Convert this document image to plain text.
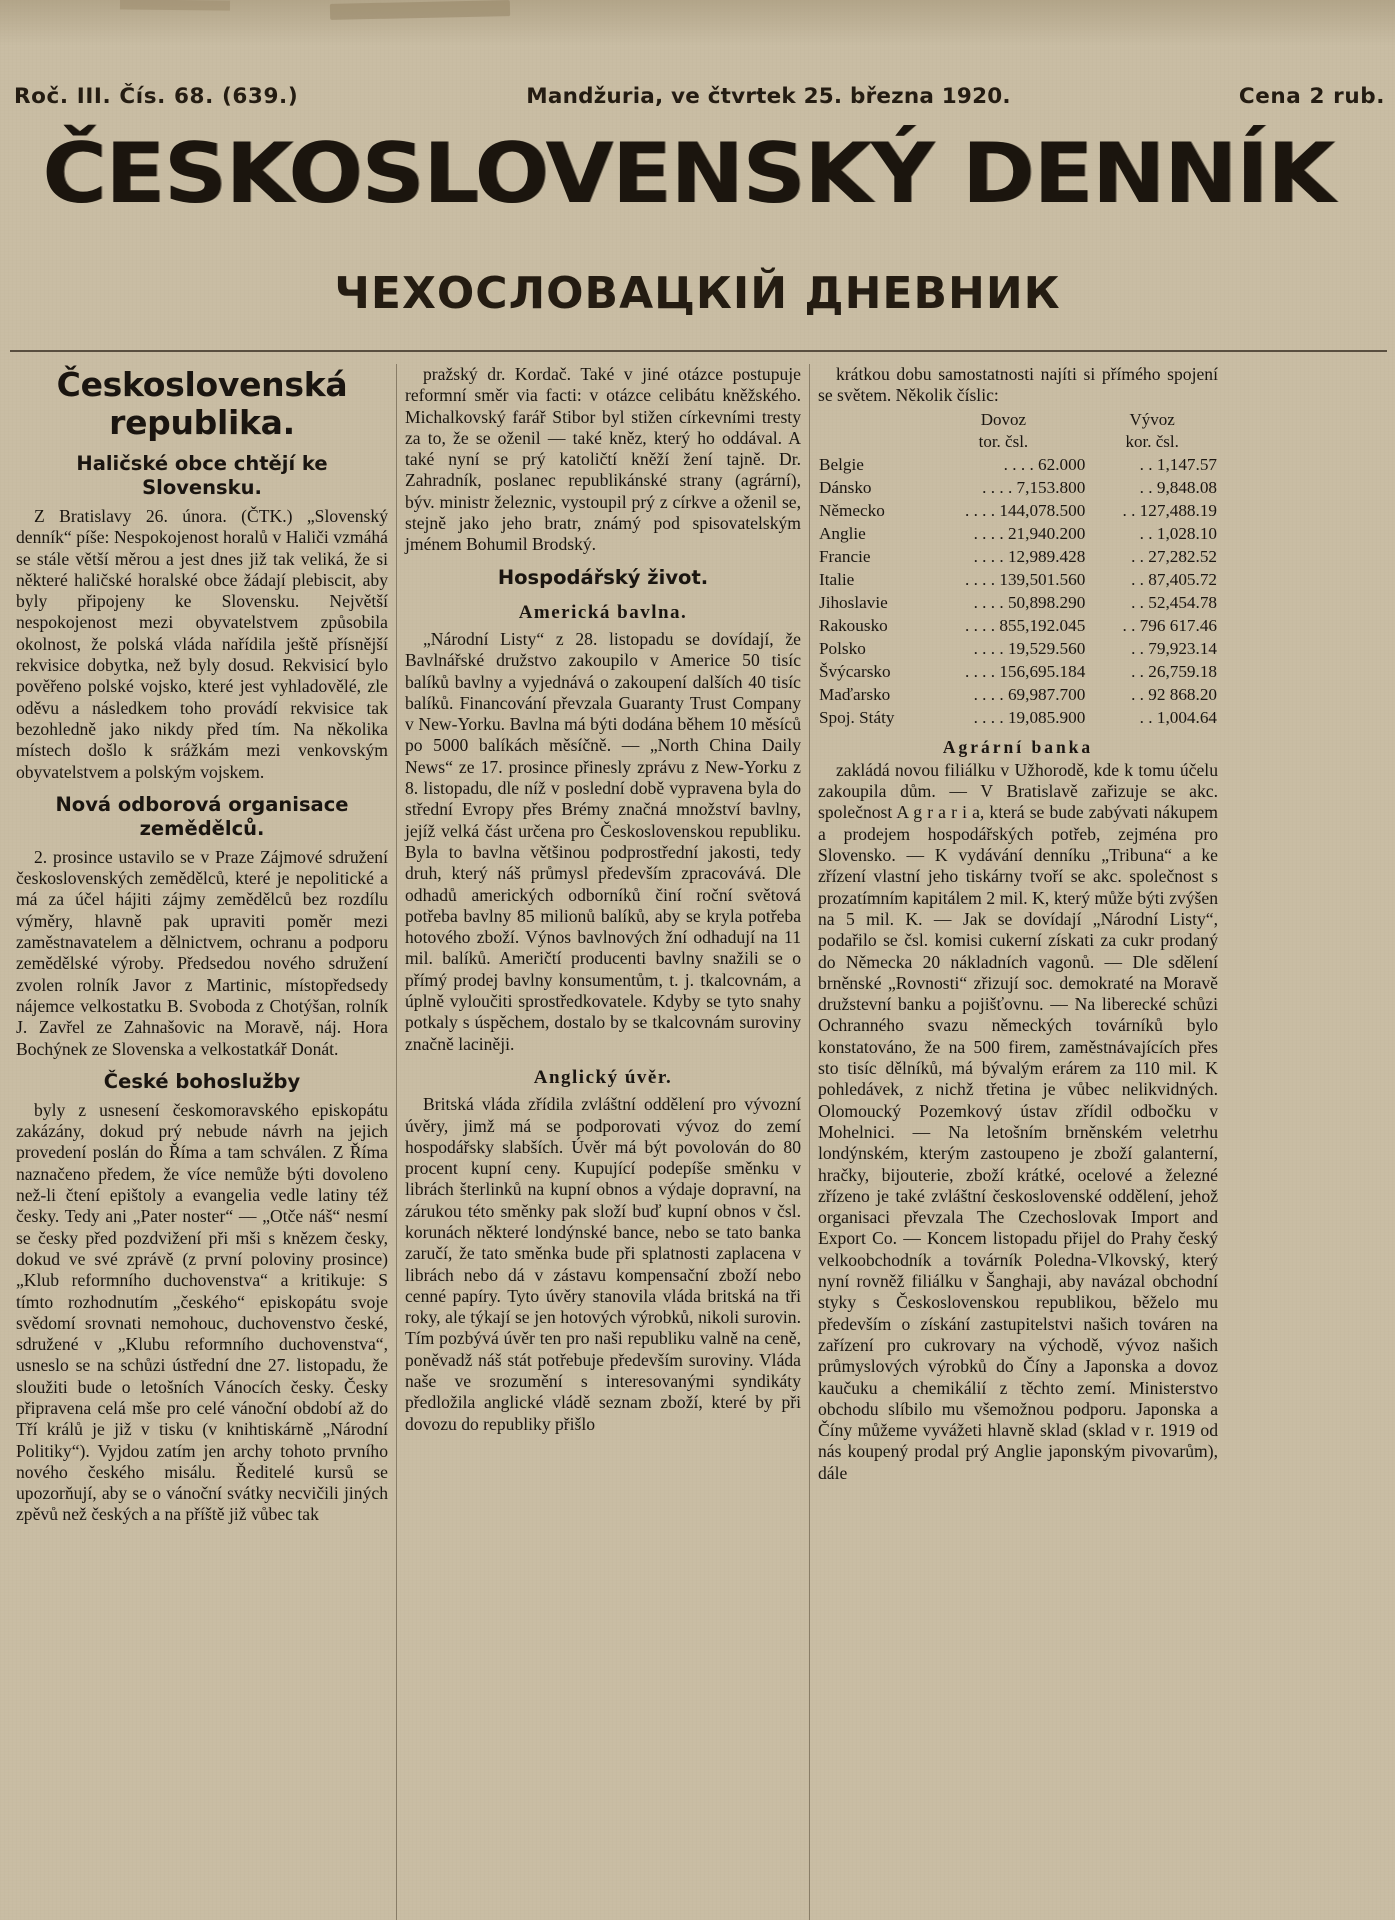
Roč. III. Čís. 68. (639.)	Mandžuria, ve čtvrtek 25. března 1920.	Cena 2 rub.
ČESKOSLOVENSKÝ DENNÍK
ЧЕХОСЛОВАЦКІЙ ДНЕВНИК
Československá republika.
Haličské obce chtějí ke Slovensku.

Z Bratislavy 26. února. (ČTK.) „Slovenský denník“ píše: Nespokojenost horalů v Haliči vzmáhá se stále větší měrou a jest dnes již tak veliká, že si některé haličské horalské obce žádají plebiscit, aby byly připojeny ke Slovensku. Největší nespokojenost mezi obyvatelstvem způsobila okolnost, že polská vláda nařídila ještě přísnější rekvisice dobytka, než byly dosud. Rekvisicí bylo pověřeno polské vojsko, které jest vyhladovělé, zle oděvu a následkem toho provádí rekvisice tak bezohledně jako nikdy před tím. Na několika místech došlo k srážkám mezi venkovským obyvatelstvem a polským vojskem.

Nová odborová organisace zemědělců.

2. prosince ustavilo se v Praze Zájmové sdružení československých zemědělců, které je nepolitické a má za účel hájiti zájmy zemědělců bez rozdílu výměry, hlavně pak upraviti poměr mezi zaměstnavatelem a dělnictvem, ochranu a podporu zemědělské výroby. Předsedou nového sdružení zvolen rolník Javor z Martinic, místopředsedy nájemce velkostatku B. Svoboda z Chotýšan, rolník J. Zavřel ze Zahnašovic na Moravě, náj. Hora Bochýnek ze Slovenska a velkostatkář Donát.

České bohoslužby

byly z usnesení českomoravského episkopátu zakázány, dokud prý nebude návrh na jejich provedení poslán do Říma a tam schválen. Z Říma naznačeno předem, že více nemůže býti dovoleno než-li čtení epištoly a evangelia vedle latiny též česky. Tedy ani „Pater noster“ — „Otče náš“ nesmí se česky před pozdvižení při mši s knězem česky, dokud ve své zprávě (z první poloviny prosince) „Klub reformního duchovenstva“ a kritikuje: S tímto rozhodnutím „českého“ episkopátu svoje svědomí srovnati nemohouc, duchovenstvo české, sdružené v „Klubu reformního duchovenstva“, usneslo se na schůzi ústřední dne 27. listopadu, že sloužiti bude o letošních Vánocích česky. Česky připravena celá mše pro celé vánoční období až do Tří králů je již v tisku (v knihtiskárně „Národní Politiky“). Vyjdou zatím jen archy tohoto prvního nového českého misálu. Ředitelé kursů se upozorňují, aby se o vánoční svátky necvičili jiných zpěvů než českých a na příště již vůbec tak

pražský dr. Kordač. Také v jiné otázce postupuje reformní směr via facti: v otázce celibátu kněžského. Michalkovský farář Stibor byl stižen církevními tresty za to, že se oženil — také kněz, který ho oddával. A také nyní se prý katoličtí kněží žení tajně. Dr. Zahradník, poslanec republikánské strany (agrární), býv. ministr železnic, vystoupil prý z církve a oženil se, stejně jako jeho bratr, známý pod spisovatelským jménem Bohumil Brodský.

Hospodářský život.
Americká bavlna.

„Národní Listy“ z 28. listopadu se dovídají, že Bavlnářské družstvo zakoupilo v Americe 50 tisíc balíků bavlny a vyjednává o zakoupení dalších 40 tisíc balíků. Financování převzala Guaranty Trust Company v New-Yorku. Bavlna má býti dodána během 10 měsíců po 5000 balíkách měsíčně. — „North China Daily News“ ze 17. prosince přinesly zprávu z New-Yorku z 8. listopadu, dle níž v poslední době vypravena byla do střední Evropy přes Brémy značná množství bavlny, jejíž velká část určena pro Československou republiku. Byla to bavlna většinou podprostřední jakosti, tedy druh, který náš průmysl především zpracovává. Dle odhadů amerických odborníků činí roční světová potřeba bavlny 85 milionů balíků, aby se kryla potřeba hotového zboží. Výnos bavlnových žní odhadují na 11 mil. balíků. Američtí producenti bavlny snažili se o přímý prodej bavlny konsumentům, t. j. tkalcovnám, a úplně vyloučiti sprostředkovatele. Kdyby se tyto snahy potkaly s úspěchem, dostalo by se tkalcovnám suroviny značně laciněji.

Anglický úvěr.

Britská vláda zřídila zvláštní oddělení pro vývozní úvěry, jimž má se podporovati vývoz do zemí hospodářsky slabších. Úvěr má být povolován do 80 procent kupní ceny. Kupující podepíše směnku v librách šterlinků na kupní obnos a výdaje dopravní, na zárukou této směnky pak složí buď kupní obnos v čsl. korunách některé londýnské bance, nebo se tato banka zaručí, že tato směnka bude při splatnosti zaplacena v librách nebo dá v zástavu kompensační zboží nebo cenné papíry. Tyto úvěry stanovila vláda britská na tři roky, ale týkají se jen hotových výrobků, nikoli surovin. Tím pozbývá úvěr ten pro naši republiku valně na ceně, poněvadž náš stát potřebuje především suroviny. Vláda naše ve srozumění s interesovanými syndikáty předložila anglické vládě seznam zboží, které by při dovozu do republiky přišlo

krátkou dobu samostatnosti najíti si přímého spojení se světem. Několik číslic:

	Dovoz	Vývoz
	tor. čsl.	kor. čsl.
Belgie	. . . . 62.000	. . 1,147.57
Dánsko	. . . . 7,153.800	. . 9,848.08
Německo	. . . . 144,078.500	. . 127,488.19
Anglie	. . . . 21,940.200	. . 1,028.10
Francie	. . . . 12,989.428	. . 27,282.52
Italie	. . . . 139,501.560	. . 87,405.72
Jihoslavie	. . . . 50,898.290	. . 52,454.78
Rakousko	. . . . 855,192.045	. . 796 617.46
Polsko	. . . . 19,529.560	. . 79,923.14
Švýcarsko	. . . . 156,695.184	. . 26,759.18
Maďarsko	. . . . 69,987.700	. . 92 868.20
Spoj. Státy	. . . . 19,085.900	. . 1,004.64
Agrární banka

zakládá novou filiálku v Užhorodě, kde k tomu účelu zakoupila dům. — V Bratislavě zařizuje se akc. společnost A g r a r i a, která se bude zabývati nákupem a prodejem hospodářských potřeb, zejména pro Slovensko. — K vydávání denníku „Tribuna“ a ke zřízení vlastní jeho tiskárny tvoří se akc. společnost s prozatímním kapitálem 2 mil. K, který může býti zvýšen na 5 mil. K. — Jak se dovídají „Národní Listy“, podařilo se čsl. komisi cukerní získati za cukr prodaný do Německa 20 nákladních vagonů. — Dle sdělení brněnské „Rovnosti“ zřizují soc. demokraté na Moravě družstevní banku a pojišťovnu. — Na liberecké schůzi Ochranného svazu německých továrníků bylo konstatováno, že na 500 firem, zaměstnávajících přes sto tisíc dělníků, má bývalým erárem za 110 mil. K pohledávek, z nichž třetina je vůbec nelikvidných. Olomoucký Pozemkový ústav zřídil odbočku v Mohelnici. — Na letošním brněnském veletrhu londýnském, kterým zastoupeno je zboží galanterní, hračky, bijouterie, zboží krátké, ocelové a železné zřízeno je také zvláštní československé oddělení, jehož organisaci převzala The Czechoslovak Import and Export Co. — Koncem listopadu přijel do Prahy český velkoobchodník a továrník Poledna-Vlkovský, který nyní rovněž filiálku v Šanghaji, aby navázal obchodní styky s Československou republikou, běželo mu především o získání zastupitelstvi našich továren na zařízení pro cukrovary na východě, vývoz našich průmyslových výrobků do Číny a Japonska a dovoz kaučuku a chemikálií z těchto zemí. Ministerstvo obchodu slíbilo mu všemožnou podporu. Japonska a Číny můžeme vyvážeti hlavně sklad (sklad v r. 1919 od nás koupený prodal prý Anglie japonským pivovarům), dále
